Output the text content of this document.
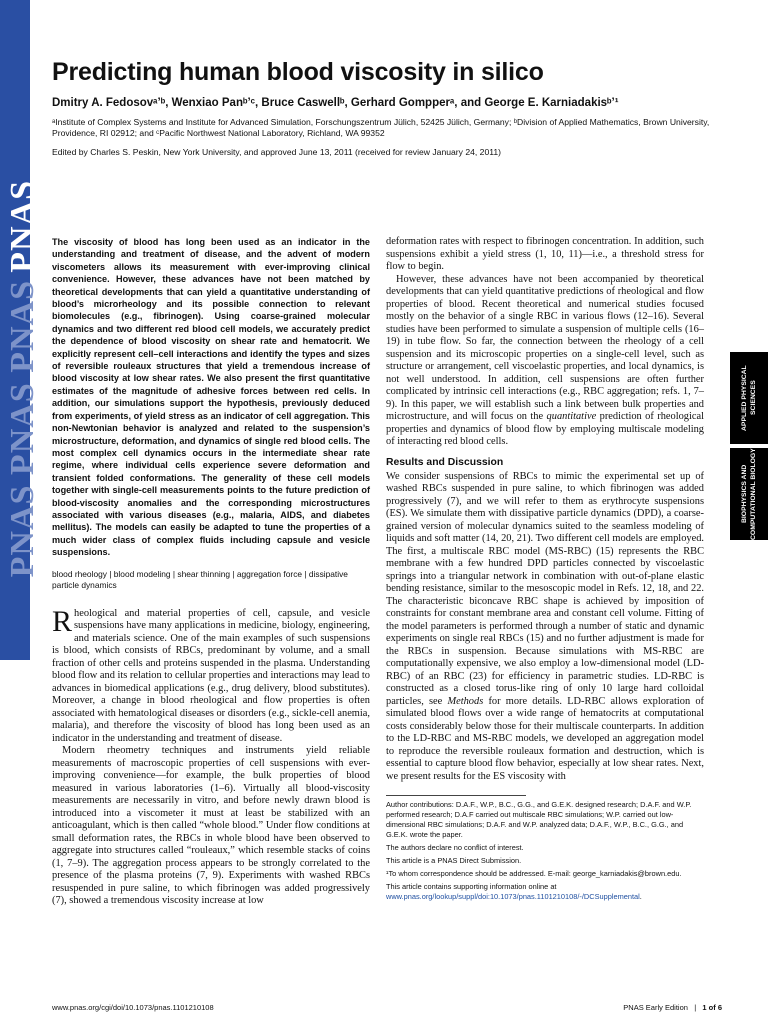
PNAS
PNAS PNAS PNAS
Predicting human blood viscosity in silico
Dmitry A. Fedosovᵃʼᵇ, Wenxiao Panᵇʼᶜ, Bruce Caswellᵇ, Gerhard Gompperᵃ, and George E. Karniadakisᵇʼ¹
ᵃInstitute of Complex Systems and Institute for Advanced Simulation, Forschungszentrum Jülich, 52425 Jülich, Germany; ᵇDivision of Applied Mathematics, Brown University, Providence, RI 02912; and ᶜPacific Northwest National Laboratory, Richland, WA 99352
Edited by Charles S. Peskin, New York University, and approved June 13, 2011 (received for review January 24, 2011)

The viscosity of blood has long been used as an indicator in the understanding and treatment of disease, and the advent of modern viscometers allows its measurement with ever-improving clinical convenience. However, these advances have not been matched by theoretical developments that can yield a quantitative understanding of blood’s microrheology and its possible connection to relevant biomolecules (e.g., fibrinogen). Using coarse-grained molecular dynamics and two different red blood cell models, we accurately predict the dependence of blood viscosity on shear rate and hematocrit. We explicitly represent cell–cell interactions and identify the types and sizes of reversible rouleaux structures that yield a tremendous increase of blood viscosity at low shear rates. We also present the first quantitative estimates of the magnitude of adhesive forces between red cells. In addition, our simulations support the hypothesis, previously deduced from experiments, of yield stress as an indicator of cell aggregation. This non-Newtonian behavior is analyzed and related to the suspension’s microstructure, deformation, and dynamics of single red blood cells. The most complex cell dynamics occurs in the intermediate shear rate regime, where individual cells experience severe deformation and transient folded conformations. The generality of these cell models together with single-cell measurements points to the future prediction of blood-viscosity anomalies and the corresponding microstructures associated with various diseases (e.g., malaria, AIDS, and diabetes mellitus). The models can easily be adapted to tune the properties of a much wider class of complex fluids including capsule and vesicle suspensions.

blood rheology | blood modeling | shear thinning | aggregation force | dissipative particle dynamics

Rheological and material properties of cell, capsule, and vesicle suspensions have many applications in medicine, biology, engineering, and materials science. One of the main examples of such suspensions is blood, which consists of RBCs, predominant by volume, and a small fraction of other cells and proteins suspended in the plasma. Understanding blood flow and its relation to cellular properties and interactions may lead to advances in biomedical applications (e.g., drug delivery, blood substitutes). Moreover, a change in blood rheological and flow properties is often associated with hematological diseases or disorders (e.g., sickle-cell anemia, malaria), and therefore the viscosity of blood has long been used as an indicator in the understanding and treatment of disease.

Modern rheometry techniques and instruments yield reliable measurements of macroscopic properties of cell suspensions with ever-improving convenience—for example, the bulk properties of blood measured in various laboratories (1–6). Virtually all blood-viscosity measurements are necessarily in vitro, and before newly drawn blood is introduced into a viscometer it must at least be stabilized with an anticoagulant, which is then called “whole blood.” Under flow conditions at small deformation rates, the RBCs in whole blood have been observed to aggregate into structures called “rouleaux,” which resemble stacks of coins (1, 7–9). The aggregation process appears to be strongly correlated to the presence of the plasma proteins (7, 9). Experiments with washed RBCs resuspended in pure saline, to which fibrinogen was added progressively (7), showed a tremendous viscosity increase at low

deformation rates with respect to fibrinogen concentration. In addition, such suspensions exhibit a yield stress (1, 10, 11)—i.e., a threshold stress for flow to begin.

However, these advances have not been accompanied by theoretical developments that can yield quantitative predictions of rheological and flow properties of blood. Recent theoretical and numerical studies focused mostly on the behavior of a single RBC in various flows (12–16). Several studies have been performed to simulate a suspension of multiple cells (16–19) in tube flow. So far, the connection between the rheology of a cell suspension and its microscopic properties on a single-cell level, such as structure or arrangement, cell viscoelastic properties, and local dynamics, is not well understood. In addition, cell suspensions are often further complicated by intrinsic cell interactions (e.g., RBC aggregation; refs. 1, 7–9). In this paper, we will establish such a link between bulk properties and microstructure, and will focus on the quantitative prediction of rheological properties and dynamics of blood flow by employing multiscale modeling of interacting red blood cells.

Results and Discussion

We consider suspensions of RBCs to mimic the experimental set up of washed RBCs suspended in pure saline, to which fibrinogen was added progressively (7), and we will refer to them as erythrocyte suspensions (ES). We simulate them with dissipative particle dynamics (DPD), a coarse-grained version of molecular dynamics suited to the seamless modeling of liquids and soft matter (14, 20, 21). Two different cell models are employed. The first, a multiscale RBC model (MS-RBC) (15) represents the RBC membrane with a few hundred DPD particles connected by viscoelastic springs into a triangular network in combination with out-of-plane elastic bending resistance, similar to the mesoscopic model in Refs. 12, 18, and 22. The characteristic biconcave RBC shape is achieved by imposition of constraints for constant membrane area and constant cell volume. Fitting of the model parameters is performed through a number of static and dynamic experiments on single real RBCs (15) and no further adjustment is made for the RBCs in suspension. Because simulations with MS-RBC are computationally expensive, we also employ a low-dimensional model (LD-RBC) of an RBC (23) for efficiency in parametric studies. LD-RBC is constructed as a closed torus-like ring of only 10 large hard colloidal particles, see Methods for more details. LD-RBC allows exploration of simulated blood flows over a wide range of hematocrits at computational costs considerably below those for their multiscale counterparts. In addition to the LD-RBC and MS-RBC models, we developed an aggregation model to reproduce the reversible rouleaux formation and destruction, which is essential to capture blood flow behavior, especially at low shear rates. Next, we present results for the ES viscosity with

Author contributions: D.A.F., W.P., B.C., G.G., and G.E.K. designed research; D.A.F. and W.P. performed research; D.A.F carried out multiscale RBC simulations; W.P. carried out low-dimensional RBC simulations; D.A.F. and W.P. analyzed data; D.A.F., W.P., B.C., G.G., and G.E.K. wrote the paper.

The authors declare no conflict of interest.

This article is a PNAS Direct Submission.

¹To whom correspondence should be addressed. E-mail: george_karniadakis@brown.edu.

This article contains supporting information online at www.pnas.org/lookup/suppl/doi:10.1073/pnas.1101210108/-/DCSupplemental.

APPLIED PHYSICAL SCIENCES
BIOPHYSICS AND COMPUTATIONAL BIOLOGY
www.pnas.org/cgi/doi/10.1073/pnas.1101210108	PNAS Early Edition | 1 of 6
